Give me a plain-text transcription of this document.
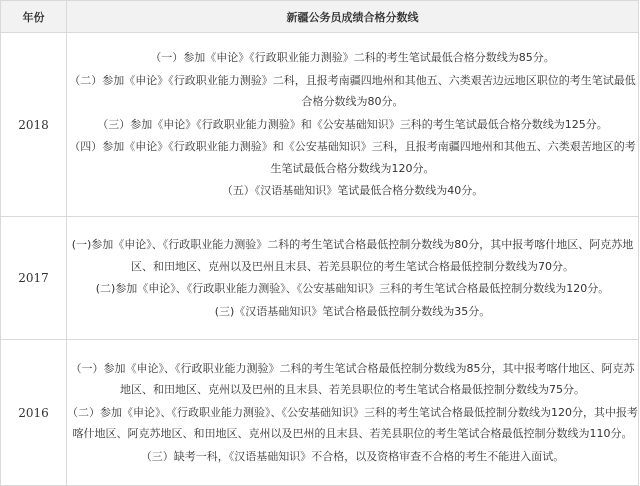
年份	新疆公务员成绩合格分数线
2018	（一）参加《申论》《行政职业能力测验》二科的考生笔试最低合格分数线为85分。

（二）参加《申论》《行政职业能力测验》二科，且报考南疆四地州和其他五、六类艰苦边远地区职位的考生笔试最低合格分数线为80分。

（三）参加《申论》《行政职业能力测验》和《公安基础知识》三科的考生笔试最低合格分数线为125分。

（四）参加《申论》《行政职业能力测验》和《公安基础知识》三科，且报考南疆四地州和其他五、六类艰苦地区的考生笔试最低合格分数线为120分。

（五）《汉语基础知识》笔试最低合格分数线为40分。

2017	(一)参加《申论》、《行政职业能力测验》二科的考生笔试合格最低控制分数线为80分，其中报考喀什地区、阿克苏地区、和田地区、克州以及巴州且末县、若羌县职位的考生笔试合格最低控制分数线为70分。

(二)参加《申论》、《行政职业能力测验》、《公安基础知识》三科的考生笔试合格最低控制分数线为120分。

(三)《汉语基础知识》笔试合格最低控制分数线为35分。

2016	（一）参加《申论》、《行政职业能力测验》二科的考生笔试合格最低控制分数线为85分，其中报考喀什地区、阿克苏地区、和田地区、克州以及巴州的且末县、若羌县职位的考生笔试合格最低控制分数线为75分。

（二）参加《申论》、《行政职业能力测验》、《公安基础知识》三科的考生笔试合格最低控制分数线为120分，其中报考喀什地区、阿克苏地区、和田地区、克州以及巴州的且末县、若羌县职位的考生笔试合格最低控制分数线为110分。

（三）缺考一科，《汉语基础知识》不合格，以及资格审查不合格的考生不能进入面试。
